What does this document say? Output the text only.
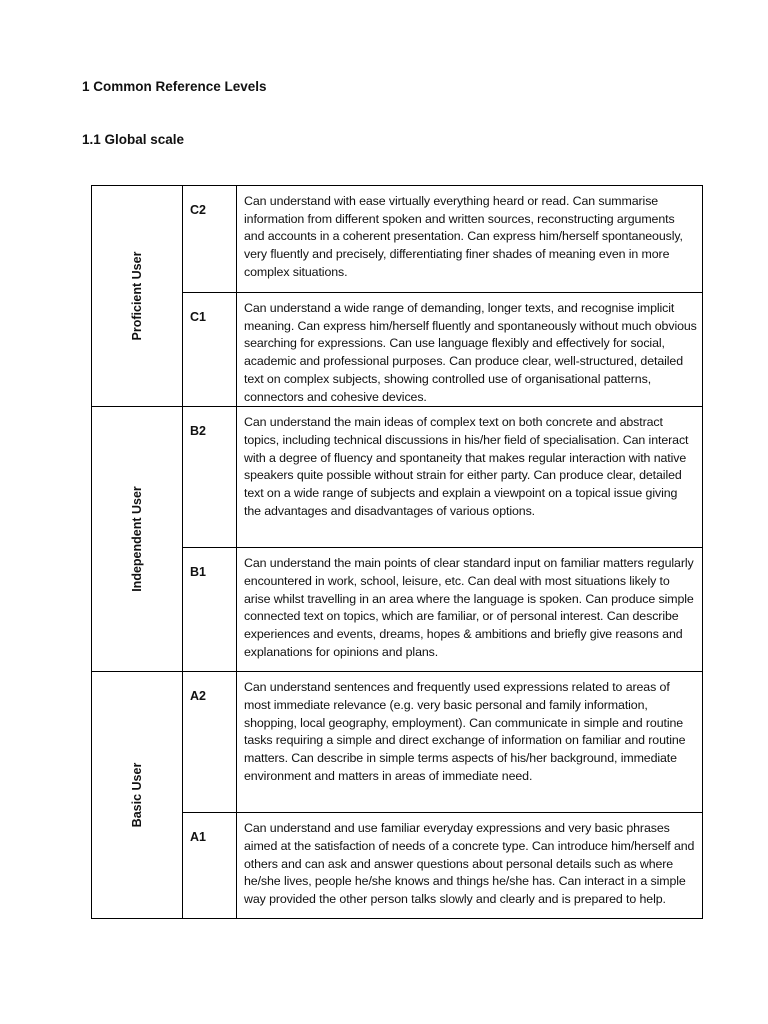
1 Common Reference Levels
1.1 Global scale
Proficient User	C2	Can understand with ease virtually everything heard or read. Can summarise information from different spoken and written sources, reconstructing arguments and accounts in a coherent presentation. Can express him/herself spontaneously, very fluently and precisely, differentiating finer shades of meaning even in more complex situations.
	C1	Can understand a wide range of demanding, longer texts, and recognise implicit meaning. Can express him/herself fluently and spontaneously without much obvious searching for expressions. Can use language flexibly and effectively for social, academic and professional purposes. Can produce clear, well-structured, detailed text on complex subjects, showing controlled use of organisational patterns, connectors and cohesive devices.

Independent User	B2	Can understand the main ideas of complex text on both concrete and abstract topics, including technical discussions in his/her field of specialisation. Can interact with a degree of fluency and spontaneity that makes regular interaction with native speakers quite possible without strain for either party. Can produce clear, detailed text on a wide range of subjects and explain a viewpoint on a topical issue giving the advantages and disadvantages of various options.
	B1	Can understand the main points of clear standard input on familiar matters regularly encountered in work, school, leisure, etc. Can deal with most situations likely to arise whilst travelling in an area where the language is spoken. Can produce simple connected text on topics, which are familiar, or of personal interest. Can describe experiences and events, dreams, hopes & ambitions and briefly give reasons and explanations for opinions and plans.

Basic User	A2	Can understand sentences and frequently used expressions related to areas of most immediate relevance (e.g. very basic personal and family information, shopping, local geography, employment). Can communicate in simple and routine tasks requiring a simple and direct exchange of information on familiar and routine matters. Can describe in simple terms aspects of his/her background, immediate environment and matters in areas of immediate need.
	A1	Can understand and use familiar everyday expressions and very basic phrases aimed at the satisfaction of needs of a concrete type. Can introduce him/herself and others and can ask and answer questions about personal details such as where he/she lives, people he/she knows and things he/she has. Can interact in a simple way provided the other person talks slowly and clearly and is prepared to help.
